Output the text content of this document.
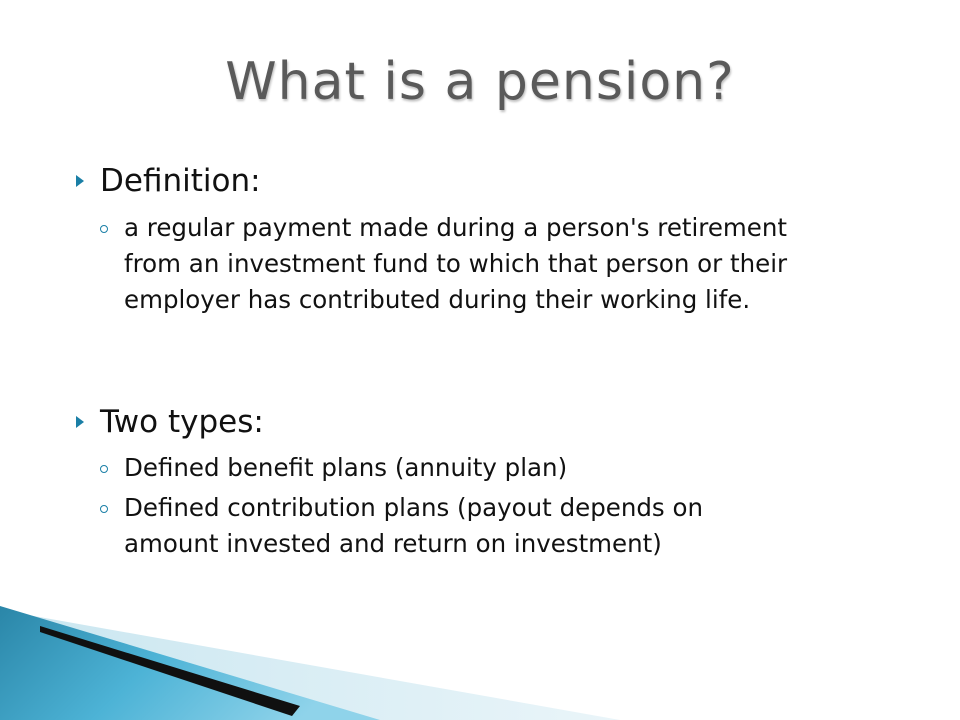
What is a pension?
Definition:

a regular payment made during a person's retirement from an investment fund to which that person or their employer has contributed during their working life.

Two types:

Defined benefit plans (annuity plan)

Defined contribution plans (payout depends on amount invested and return on investment)
